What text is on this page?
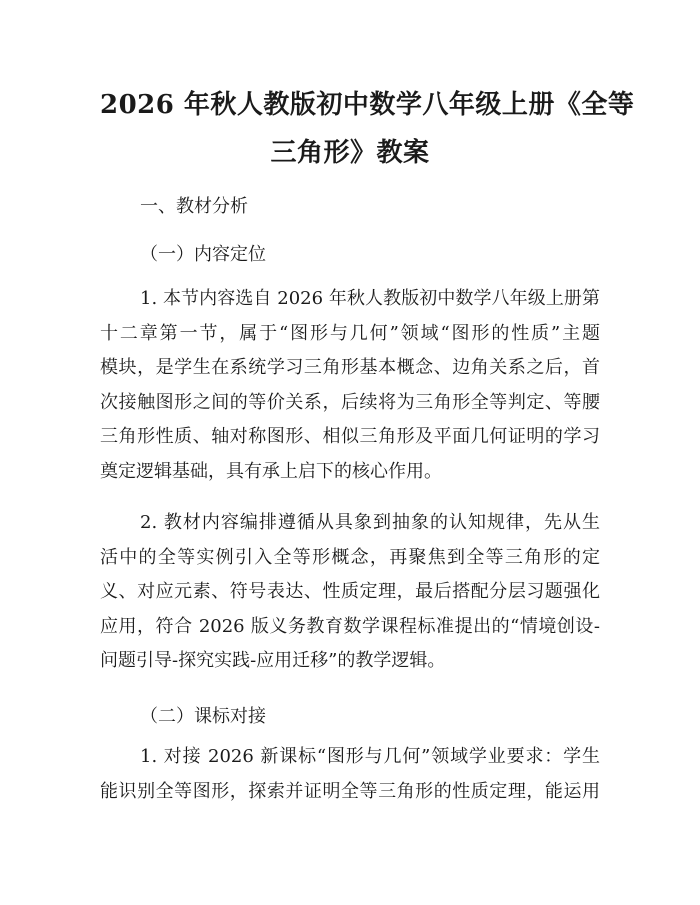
2026 年秋人教版初中数学八年级上册《全等
三角形》教案
一、教材分析
（一）内容定位
1. 本节内容选自 2026 年秋人教版初中数学八年级上册第
十二章第一节，属于“图形与几何”领域“图形的性质”主题
模块，是学生在系统学习三角形基本概念、边角关系之后，首
次接触图形之间的等价关系，后续将为三角形全等判定、等腰
三角形性质、轴对称图形、相似三角形及平面几何证明的学习
奠定逻辑基础，具有承上启下的核心作用。
2. 教材内容编排遵循从具象到抽象的认知规律，先从生
活中的全等实例引入全等形概念，再聚焦到全等三角形的定
义、对应元素、符号表达、性质定理，最后搭配分层习题强化
应用，符合 2026 版义务教育数学课程标准提出的“情境创设-
问题引导-探究实践-应用迁移”的教学逻辑。
（二）课标对接
1. 对接 2026 新课标“图形与几何”领域学业要求：学生
能识别全等图形，探索并证明全等三角形的性质定理，能运用
